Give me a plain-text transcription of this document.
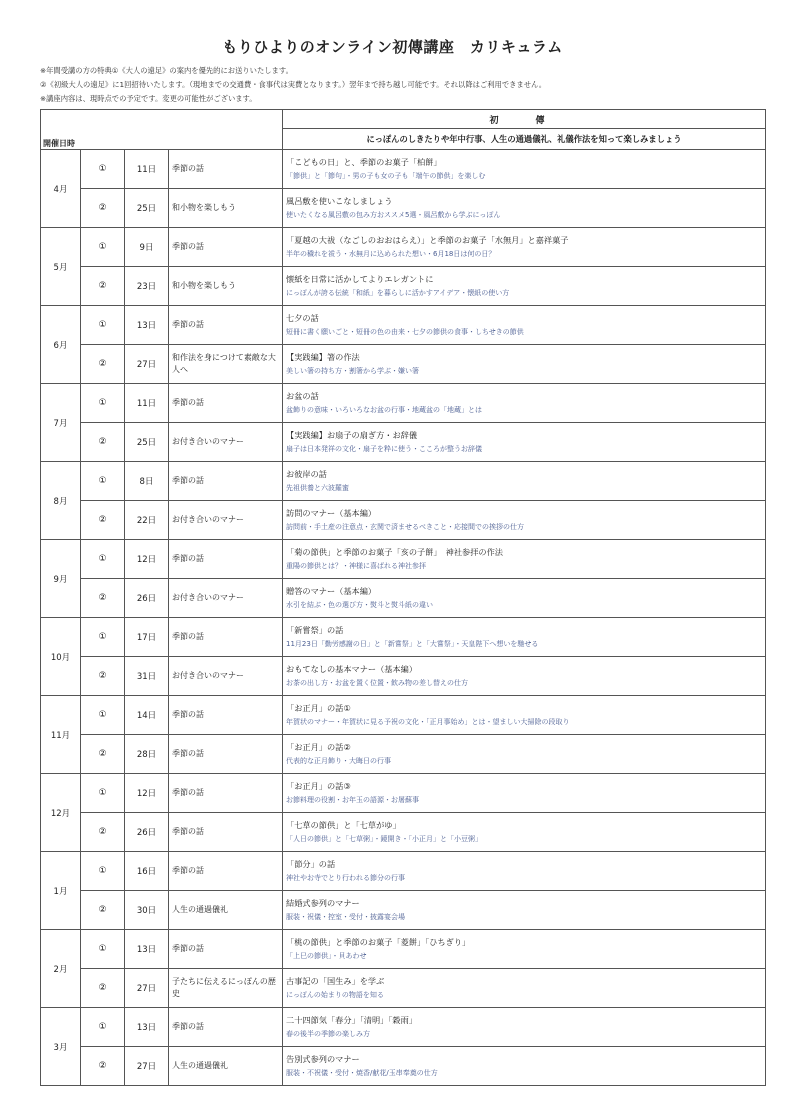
もりひよりのオンライン初傳講座　カリキュラム
※年間受講の方の特典①《大人の遠足》の案内を優先的にお送りいたします。
②《初級大人の遠足》に1回招待いたします。（現地までの交通費・食事代は実費となります。）翌年まで持ち越し可能です。それ以降はご利用できません。
※講座内容は、現時点での予定です。変更の可能性がございます。
				初　傳
開催日時				にっぽんのしきたりや年中行事、人生の通過儀礼、礼儀作法を知って楽しみましょう
4月	①	11日	季節の話	「こどもの日」と、季節のお菓子「柏餅」
「節供」と「節句」・男の子も女の子も「端午の節供」を楽しむ

	②	25日	和小物を楽しもう	風呂敷を使いこなしましょう
使いたくなる風呂敷の包み方おススメ5選・風呂敷から学ぶにっぽん

5月	①	9日	季節の話	「夏越の大祓（なごしのおおはらえ）」と季節のお菓子「水無月」と嘉祥菓子
半年の穢れを祓う・水無月に込められた想い・6月18日は何の日？

	②	23日	和小物を楽しもう	懐紙を日常に活かしてよりエレガントに
にっぽんが誇る伝統「和紙」を暮らしに活かすアイデア・懐紙の使い方

6月	①	13日	季節の話	七夕の話
短冊に書く願いごと・短冊の色の由来・七夕の節供の食事・しちせきの節供

	②	27日	和作法を身につけて素敵な大人へ	【実践編】箸の作法
美しい箸の持ち方・割箸から学ぶ・嫌い箸

7月	①	11日	季節の話	お盆の話
盆飾りの意味・いろいろなお盆の行事・地蔵盆の「地蔵」とは

	②	25日	お付き合いのマナー	【実践編】お扇子の扇ぎ方・お辞儀
扇子は日本発祥の文化・扇子を粋に使う・こころが整うお辞儀

8月	①	8日	季節の話	お彼岸の話
先祖供養と六波羅蜜

	②	22日	お付き合いのマナー	訪問のマナー（基本編）
訪問前・手土産の注意点・玄関で済ませるべきこと・応接間での挨拶の仕方

9月	①	12日	季節の話	「菊の節供」と季節のお菓子「亥の子餅」　神社参拝の作法
重陽の節供とは？・神様に喜ばれる神社参拝

	②	26日	お付き合いのマナー	贈答のマナー（基本編）
水引を結ぶ・色の選び方・熨斗と熨斗紙の違い

10月	①	17日	季節の話	「新嘗祭」の話
11月23日「勤労感謝の日」と「新嘗祭」と「大嘗祭」・天皇陛下へ想いを馳せる

	②	31日	お付き合いのマナー	おもてなしの基本マナー（基本編）
お茶の出し方・お盆を置く位置・飲み物の差し替えの仕方

11月	①	14日	季節の話	「お正月」の話①
年賀状のマナー・年賀状に見る予祝の文化・「正月事始め」とは・望ましい大掃除の段取り

	②	28日	季節の話	「お正月」の話②
代表的な正月飾り・大晦日の行事

12月	①	12日	季節の話	「お正月」の話③
お節料理の役割・お年玉の語源・お屠蘇事

	②	26日	季節の話	「七草の節供」と「七草がゆ」
「人日の節供」と「七草粥」・鏡開き・「小正月」と「小豆粥」

1月	①	16日	季節の話	「節分」の話
神社やお寺でとり行われる節分の行事

	②	30日	人生の通過儀礼	結婚式参列のマナー
服装・祝儀・控室・受付・披露宴会場

2月	①	13日	季節の話	「桃の節供」と季節のお菓子「菱餅」「ひちぎり」
「上巳の節供」・貝あわせ

	②	27日	子たちに伝えるにっぽんの歴史	古事記の「国生み」を学ぶ
にっぽんの始まりの物語を知る

3月	①	13日	季節の話	二十四節気「春分」「清明」「穀雨」
春の後半の季節の楽しみ方

	②	27日	人生の通過儀礼	告別式参列のマナー
服装・不祝儀・受付・焼香/献花/玉串奉奠の仕方
